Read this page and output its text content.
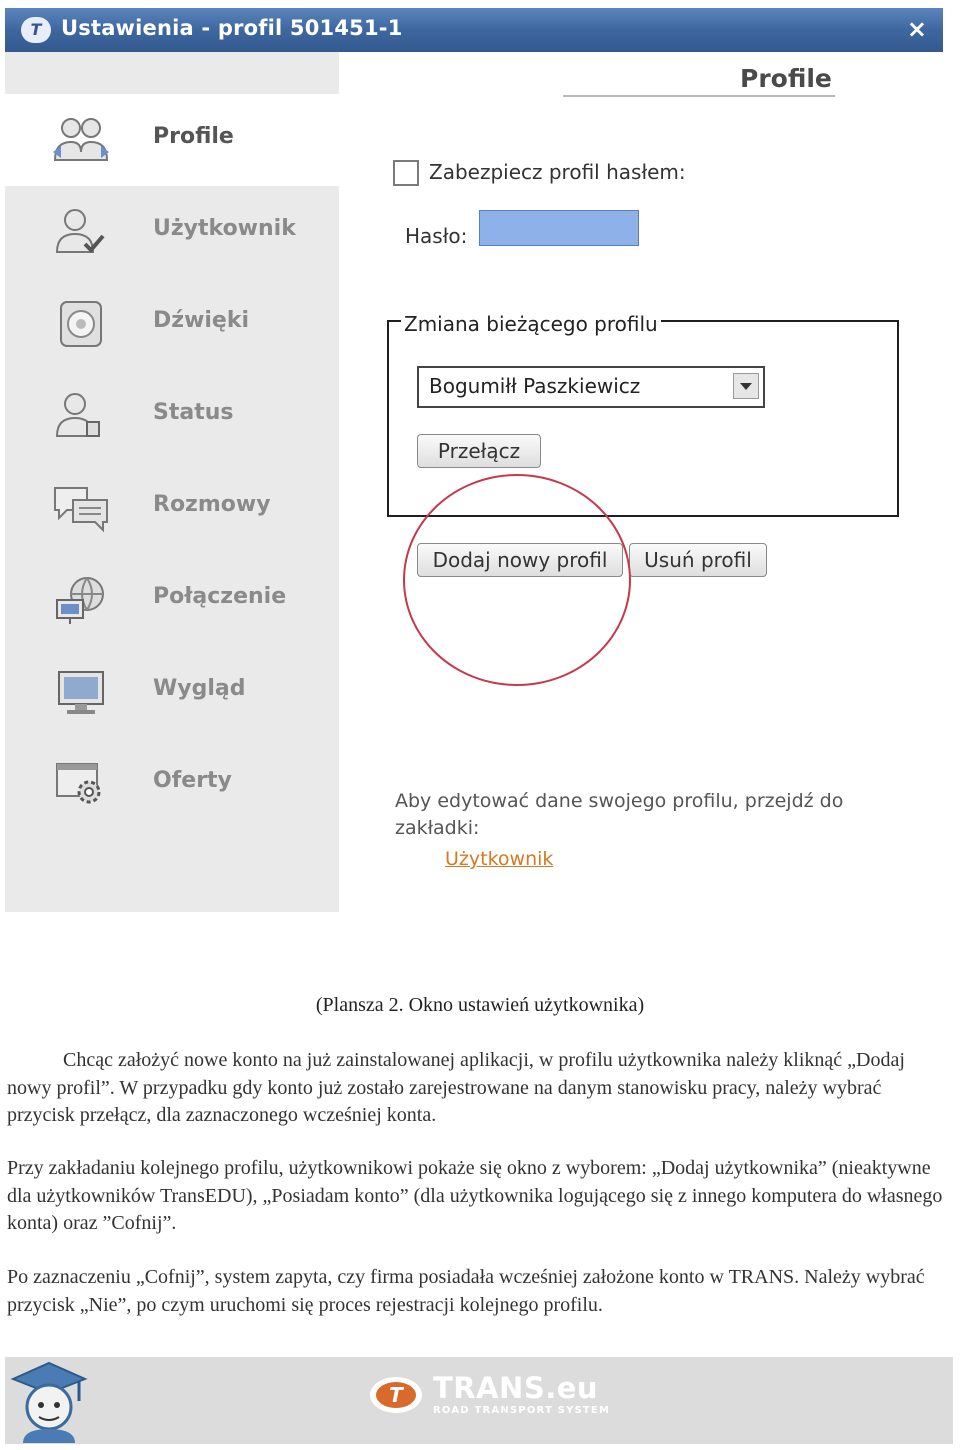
T Ustawienia - profil 501451-1	×
Profile
Użytkownik
Dźwięki
Status
Rozmowy
Połączenie
Wygląd
Oferty
Profile
Zabezpiecz profil hasłem:
Hasło:
Zmiana bieżącego profilu
Bogumiłł Paszkiewicz
Przełącz
Dodaj nowy profil	Usuń profil
Aby edytować dane swojego profilu, przejdź do zakładki:
Użytkownik
(Plansza 2. Okno ustawień użytkownika)

Chcąc założyć nowe konto na już zainstalowanej aplikacji, w profilu użytkownika należy kliknąć „Dodaj nowy profil”. W przypadku gdy konto już zostało zarejestrowane na danym stanowisku pracy, należy wybrać przycisk przełącz, dla zaznaczonego wcześniej konta.

Przy zakładaniu kolejnego profilu, użytkownikowi pokaże się okno z wyborem: „Dodaj użytkownika” (nieaktywne dla użytkowników TransEDU), „Posiadam konto” (dla użytkownika logującego się z innego komputera do własnego konta) oraz ”Cofnij”.

Po zaznaczeniu „Cofnij”, system zapyta, czy firma posiadała wcześniej założone konto w TRANS. Należy wybrać przycisk „Nie”, po czym uruchomi się proces rejestracji kolejnego profilu.

T TRANS.eu
ROAD TRANSPORT SYSTEM
